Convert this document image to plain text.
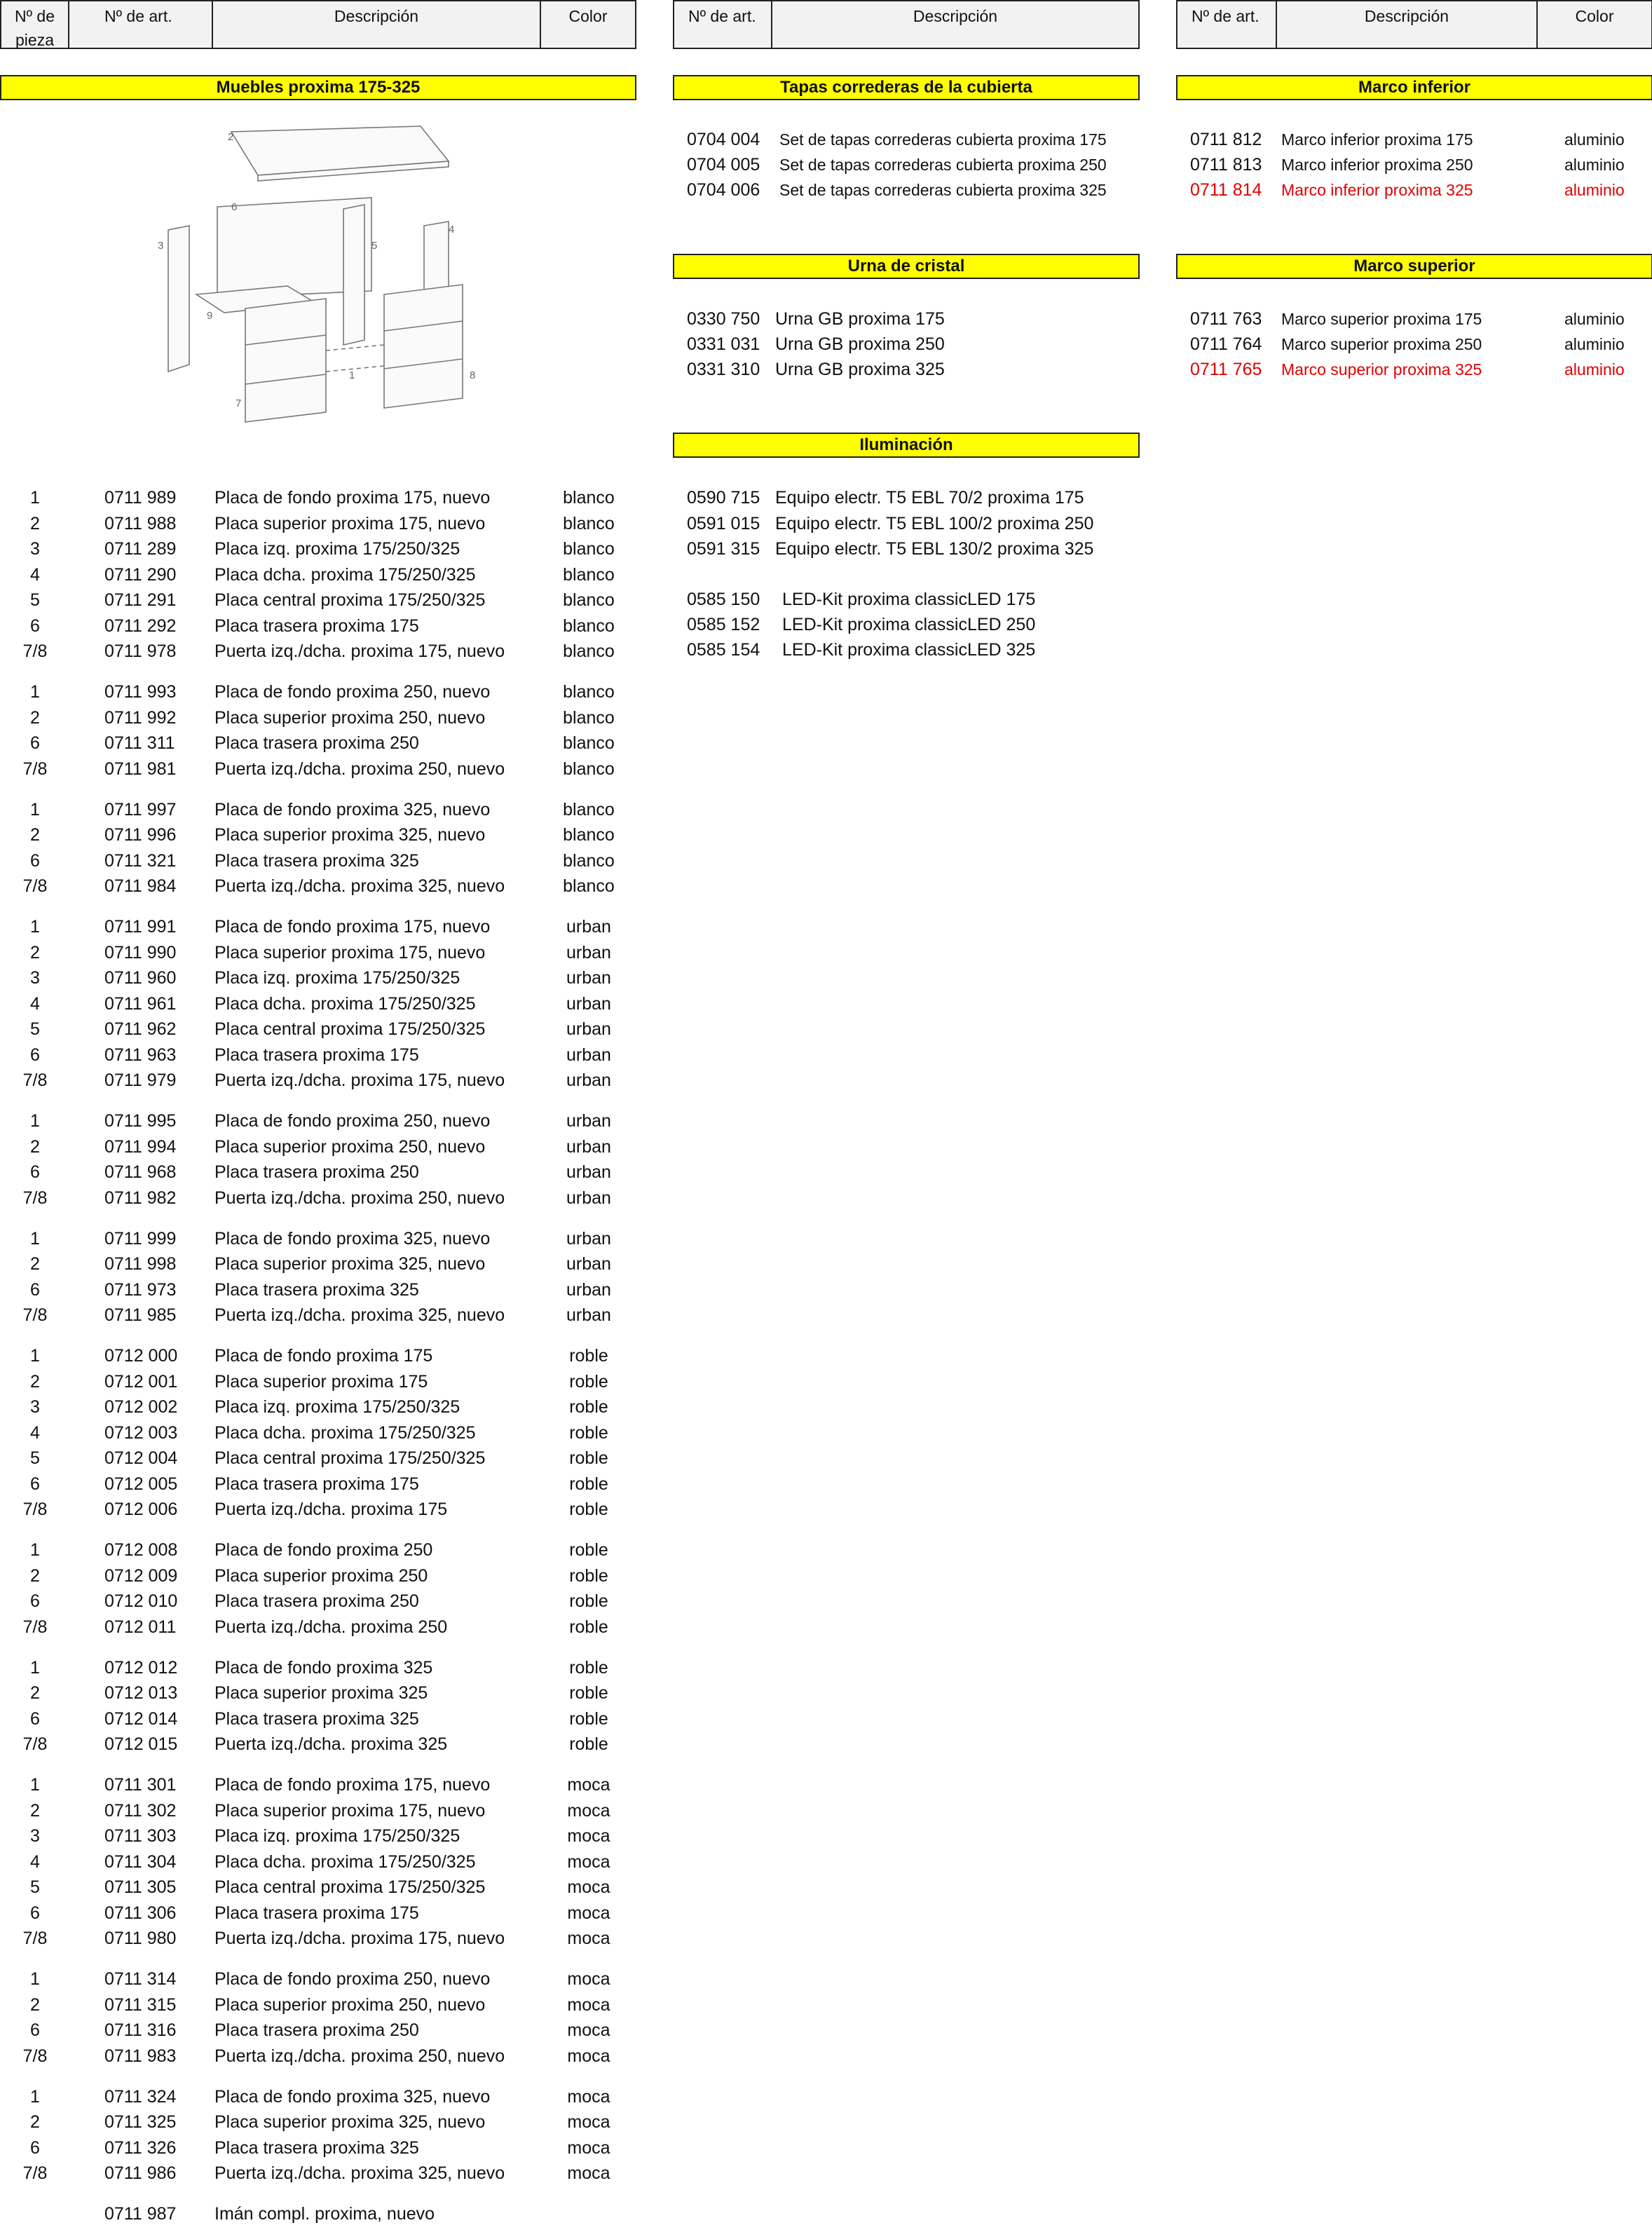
Nº de
pieza
Nº de art.	Descripción	Color	Nº de art.	Descripción	Nº de art.	Descripción	Color
Muebles proxima 175-325	Tapas correderas de la cubierta	Marco inferior
Urna de cristal	Marco superior
Iluminación
2
6
3	5
4
9
1	8
7
0704 004 Set de tapas correderas cubierta proxima 175
0704 005 Set de tapas correderas cubierta proxima 250
0704 006 Set de tapas correderas cubierta proxima 325
0711 812 Marco inferior proxima 175	aluminio
0711 813 Marco inferior proxima 250	aluminio
0711 814 Marco inferior proxima 325	aluminio
0330 750 Urna GB proxima 175
0331 031 Urna GB proxima 250
0331 310 Urna GB proxima 325
0711 763 Marco superior proxima 175	aluminio
0711 764 Marco superior proxima 250	aluminio
0711 765 Marco superior proxima 325	aluminio
0590 715 Equipo electr. T5 EBL 70/2 proxima 175
0591 015 Equipo electr. T5 EBL 100/2 proxima 250
0591 315 Equipo electr. T5 EBL 130/2 proxima 325
0585 150 LED-Kit proxima classicLED 175
0585 152 LED-Kit proxima classicLED 250
0585 154 LED-Kit proxima classicLED 325
1	0711 989 Placa de fondo proxima 175, nuevo	blanco
2	0711 988 Placa superior proxima 175, nuevo	blanco
3	0711 289 Placa izq. proxima 175/250/325	blanco
4	0711 290 Placa dcha. proxima 175/250/325	blanco
5	0711 291 Placa central proxima 175/250/325	blanco
6	0711 292 Placa trasera proxima 175	blanco
7/8	0711 978 Puerta izq./dcha. proxima 175, nuevo	blanco
1	0711 993 Placa de fondo proxima 250, nuevo	blanco
2	0711 992 Placa superior proxima 250, nuevo	blanco
6	0711 311 Placa trasera proxima 250	blanco
7/8	0711 981 Puerta izq./dcha. proxima 250, nuevo	blanco
1	0711 997 Placa de fondo proxima 325, nuevo	blanco
2	0711 996 Placa superior proxima 325, nuevo	blanco
6	0711 321 Placa trasera proxima 325	blanco
7/8	0711 984 Puerta izq./dcha. proxima 325, nuevo	blanco
1	0711 991 Placa de fondo proxima 175, nuevo	urban
2	0711 990 Placa superior proxima 175, nuevo	urban
3	0711 960 Placa izq. proxima 175/250/325	urban
4	0711 961 Placa dcha. proxima 175/250/325	urban
5	0711 962 Placa central proxima 175/250/325	urban
6	0711 963 Placa trasera proxima 175	urban
7/8	0711 979 Puerta izq./dcha. proxima 175, nuevo	urban
1	0711 995 Placa de fondo proxima 250, nuevo	urban
2	0711 994 Placa superior proxima 250, nuevo	urban
6	0711 968 Placa trasera proxima 250	urban
7/8	0711 982 Puerta izq./dcha. proxima 250, nuevo	urban
1	0711 999 Placa de fondo proxima 325, nuevo	urban
2	0711 998 Placa superior proxima 325, nuevo	urban
6	0711 973 Placa trasera proxima 325	urban
7/8	0711 985 Puerta izq./dcha. proxima 325, nuevo	urban
1	0712 000 Placa de fondo proxima 175	roble
2	0712 001 Placa superior proxima 175	roble
3	0712 002 Placa izq. proxima 175/250/325	roble
4	0712 003 Placa dcha. proxima 175/250/325	roble
5	0712 004 Placa central proxima 175/250/325	roble
6	0712 005 Placa trasera proxima 175	roble
7/8	0712 006 Puerta izq./dcha. proxima 175	roble
1	0712 008 Placa de fondo proxima 250	roble
2	0712 009 Placa superior proxima 250	roble
6	0712 010 Placa trasera proxima 250	roble
7/8	0712 011 Puerta izq./dcha. proxima 250	roble
1	0712 012 Placa de fondo proxima 325	roble
2	0712 013 Placa superior proxima 325	roble
6	0712 014 Placa trasera proxima 325	roble
7/8	0712 015 Puerta izq./dcha. proxima 325	roble
1	0711 301 Placa de fondo proxima 175, nuevo	moca
2	0711 302 Placa superior proxima 175, nuevo	moca
3	0711 303 Placa izq. proxima 175/250/325	moca
4	0711 304 Placa dcha. proxima 175/250/325	moca
5	0711 305 Placa central proxima 175/250/325	moca
6	0711 306 Placa trasera proxima 175	moca
7/8	0711 980 Puerta izq./dcha. proxima 175, nuevo	moca
1	0711 314 Placa de fondo proxima 250, nuevo	moca
2	0711 315 Placa superior proxima 250, nuevo	moca
6	0711 316 Placa trasera proxima 250	moca
7/8	0711 983 Puerta izq./dcha. proxima 250, nuevo	moca
1	0711 324 Placa de fondo proxima 325, nuevo	moca
2	0711 325 Placa superior proxima 325, nuevo	moca
6	0711 326 Placa trasera proxima 325	moca
7/8	0711 986 Puerta izq./dcha. proxima 325, nuevo	moca
0711 987 Imán compl. proxima, nuevo
